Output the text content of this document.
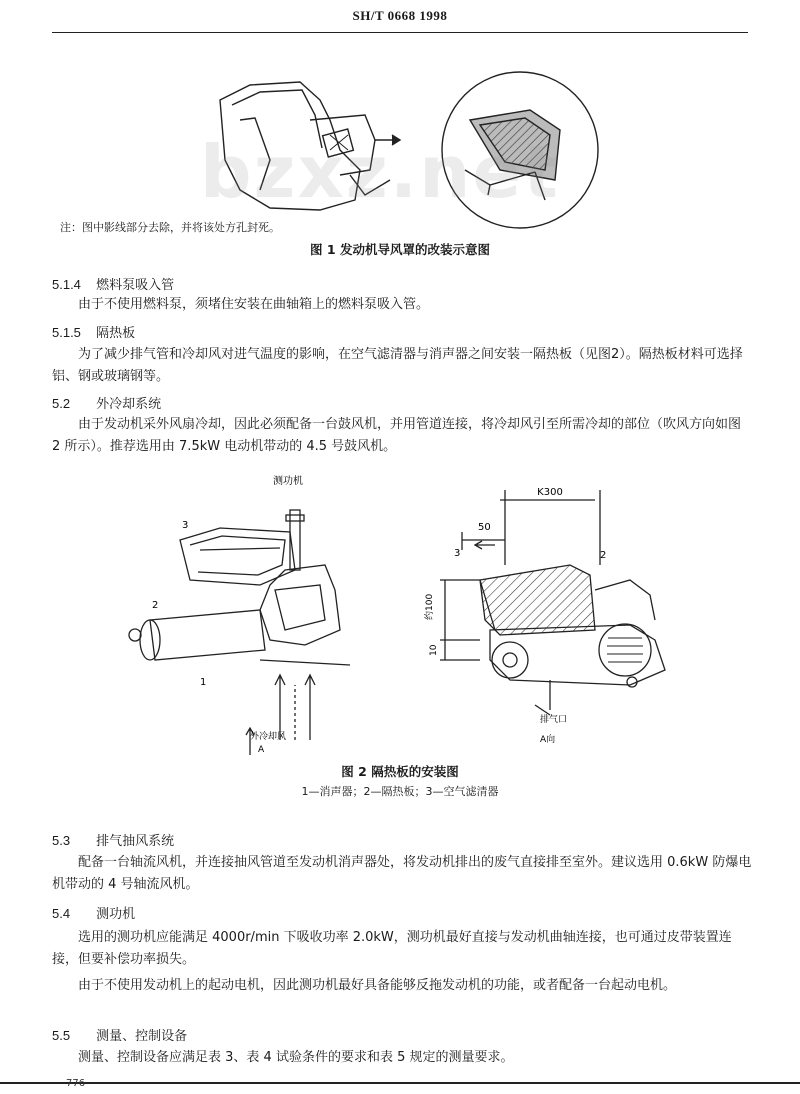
SH/T 0668 1998
bzxz.net
注：图中影线部分去除，并将该处方孔封死。
图 1 发动机导风罩的改装示意图
5.1.4 燃料泵吸入管
由于不使用燃料泵，须堵住安装在曲轴箱上的燃料泵吸入管。
5.1.5 隔热板
为了减少排气管和冷却风对进气温度的影响，在空气滤清器与消声器之间安装一隔热板（见图2）。隔热板材料可选择铝、钢或玻璃钢等。
5.2 外冷却系统
由于发动机采外风扇冷却，因此必须配备一台鼓风机，并用管道连接，将冷却风引至所需冷却的部位（吹风方向如图 2 所示）。推荐选用由 7.5kW 电动机带动的 4.5 号鼓风机。
测功机
外冷却风
A
3
2
1
K300
50
约100
10
3	2
排气口
A向
图 2 隔热板的安装图
1—消声器；2—隔热板；3—空气滤清器
5.3 排气抽风系统
配备一台轴流风机，并连接抽风管道至发动机消声器处，将发动机排出的废气直接排至室外。建议选用 0.6kW 防爆电机带动的 4 号轴流风机。
5.4 测功机
选用的测功机应能满足 4000r/min 下吸收功率 2.0kW，测功机最好直接与发动机曲轴连接，也可通过皮带装置连接，但要补偿功率损失。
由于不使用发动机上的起动电机，因此测功机最好具备能够反拖发动机的功能，或者配备一台起动电机。
5.5 测量、控制设备
测量、控制设备应满足表 3、表 4 试验条件的要求和表 5 规定的测量要求。
776
